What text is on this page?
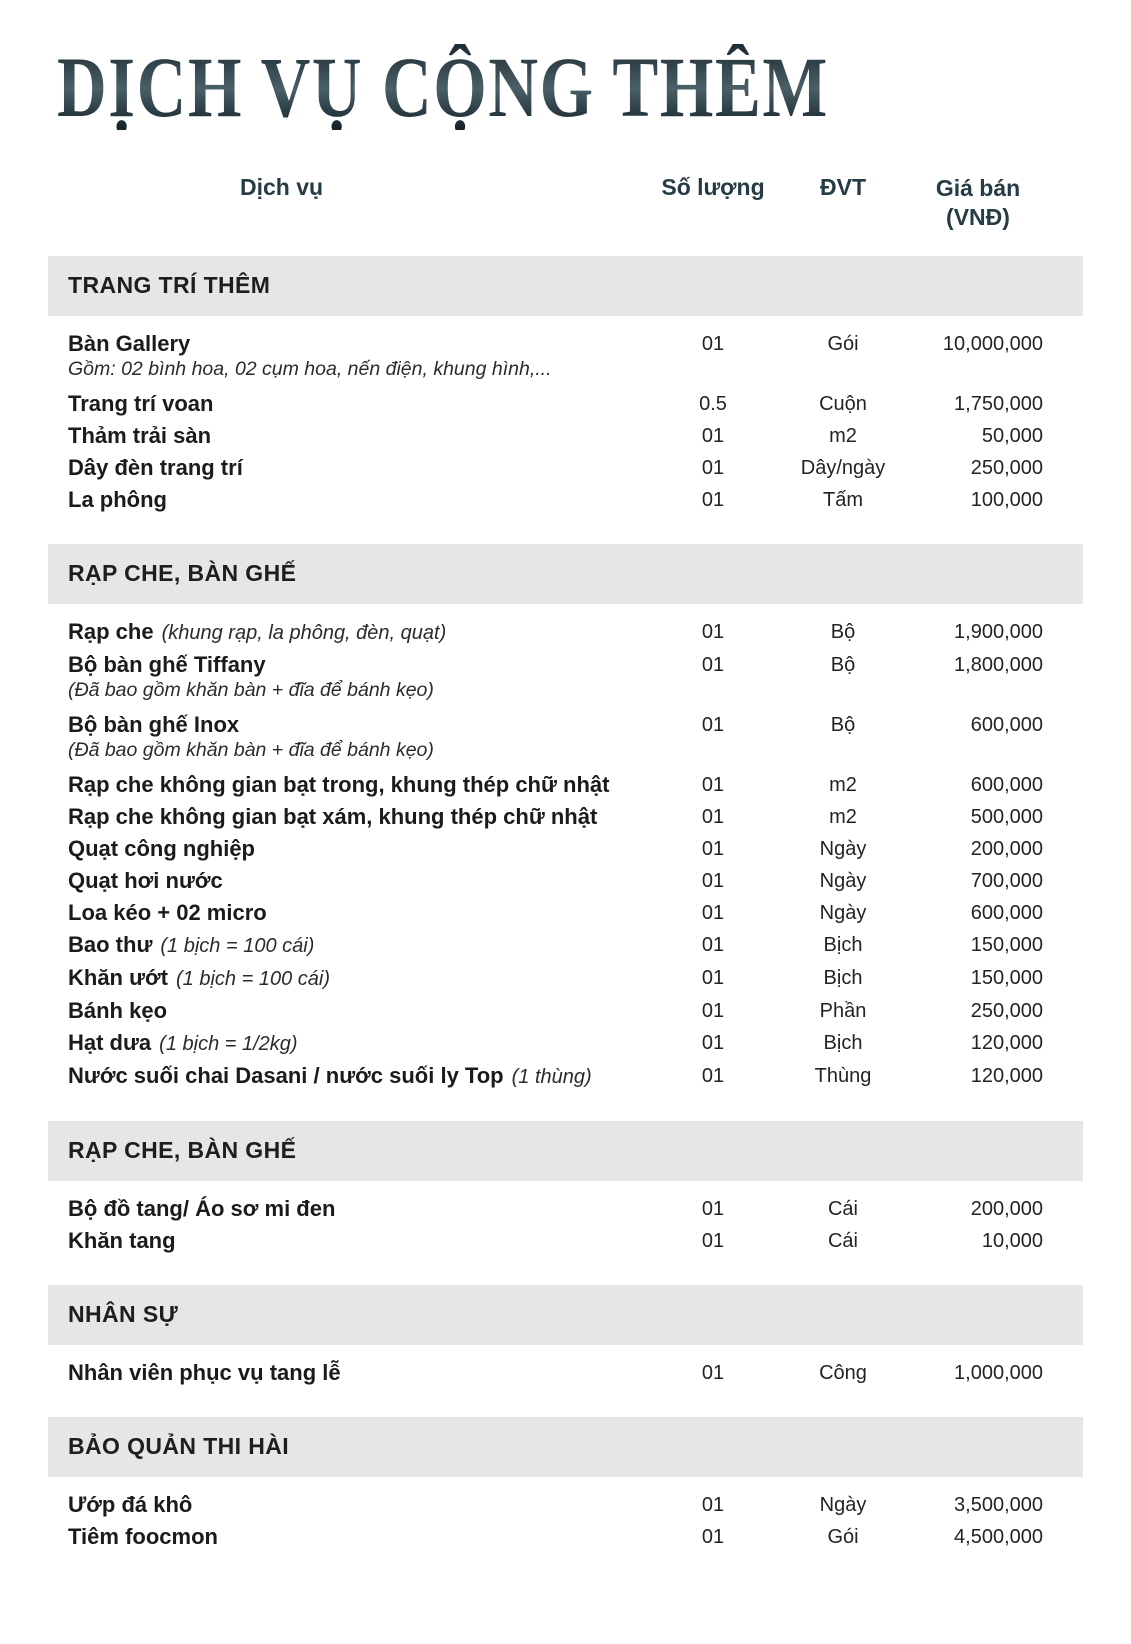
DỊCH VỤ CỘNG THÊM
Dịch vụ	Số lượng	ĐVT	Giá bán
(VNĐ)
TRANG TRÍ THÊM
Bàn Gallery
Gồm: 02 bình hoa, 02 cụm hoa, nến điện, khung hình,...
01	Gói	10,000,000
Trang trí voan	0.5	Cuộn	1,750,000
Thảm trải sàn	01	m2	50,000
Dây đèn trang trí	01	Dây/ngày	250,000
La phông	01	Tấm	100,000
RẠP CHE, BÀN GHẾ
Rạp che (khung rạp, la phông, đèn, quạt)	01	Bộ	1,900,000
Bộ bàn ghế Tiffany
(Đã bao gồm khăn bàn + đĩa để bánh kẹo)
01	Bộ	1,800,000
Bộ bàn ghế Inox
(Đã bao gồm khăn bàn + đĩa để bánh kẹo)
01	Bộ	600,000
Rạp che không gian bạt trong, khung thép chữ nhật	01	m2	600,000
Rạp che không gian bạt xám, khung thép chữ nhật	01	m2	500,000
Quạt công nghiệp	01	Ngày	200,000
Quạt hơi nước	01	Ngày	700,000
Loa kéo + 02 micro	01	Ngày	600,000
Bao thư (1 bịch = 100 cái)	01	Bịch	150,000
Khăn ướt (1 bịch = 100 cái)	01	Bịch	150,000
Bánh kẹo	01	Phần	250,000
Hạt dưa (1 bịch = 1/2kg)	01	Bịch	120,000
Nước suối chai Dasani / nước suối ly Top (1 thùng)	01	Thùng	120,000
RẠP CHE, BÀN GHẾ
Bộ đồ tang/ Áo sơ mi đen	01	Cái	200,000
Khăn tang	01	Cái	10,000
NHÂN SỰ
Nhân viên phục vụ tang lễ	01	Công	1,000,000
BẢO QUẢN THI HÀI
Ướp đá khô	01	Ngày	3,500,000
Tiêm foocmon	01	Gói	4,500,000
